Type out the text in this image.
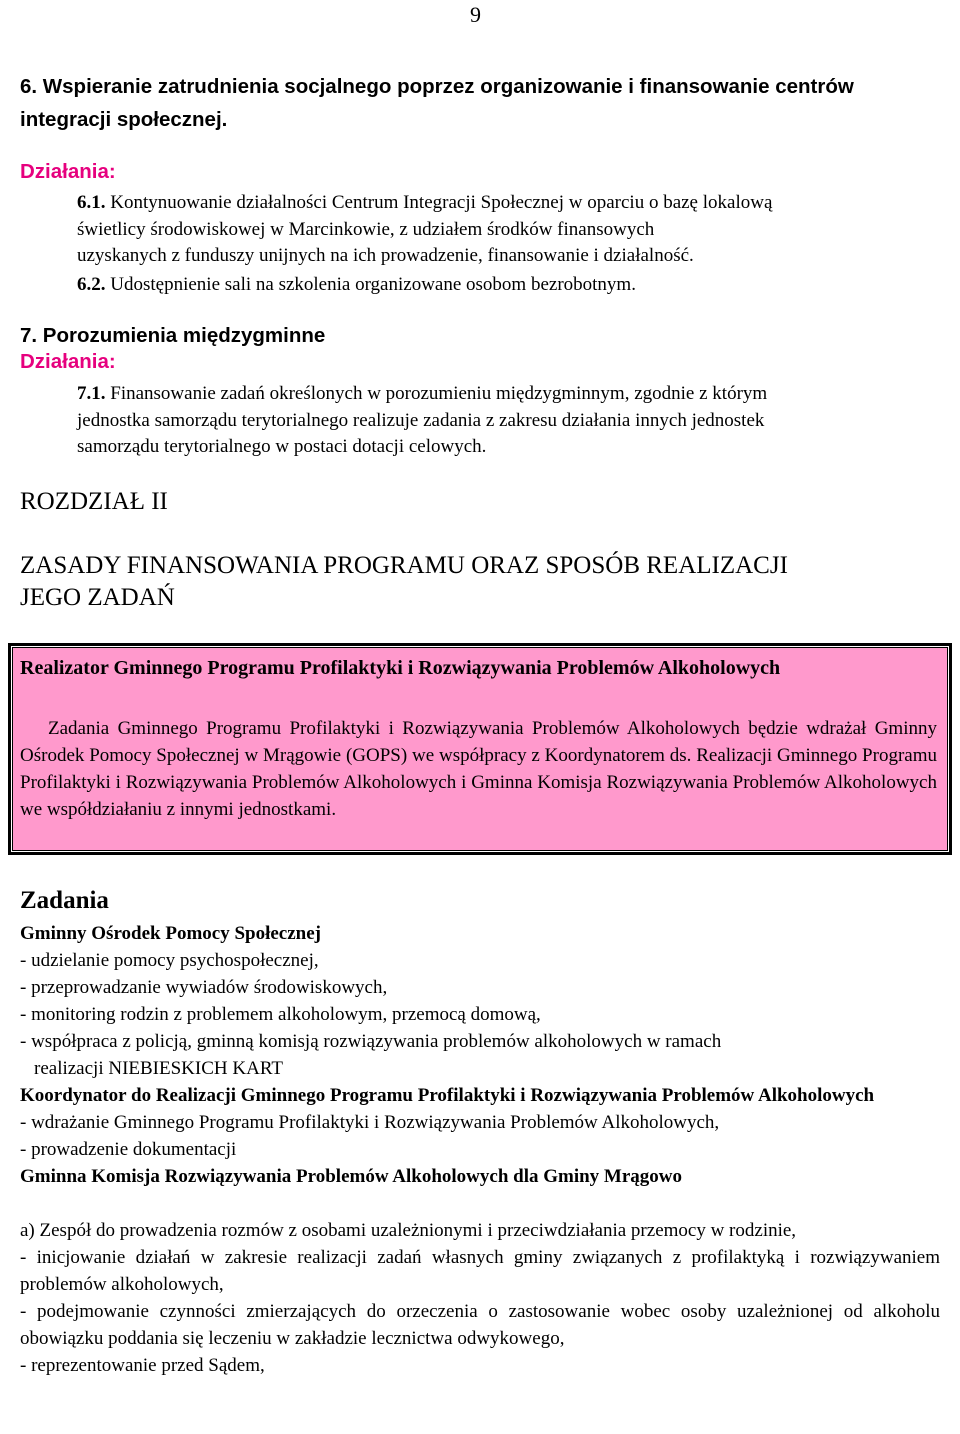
9
6. Wspieranie zatrudnienia socjalnego poprzez organizowanie i finansowanie centrów integracji społecznej.
Działania:
6.1. Kontynuowanie działalności Centrum Integracji Społecznej w oparciu o bazę lokalową
świetlicy środowiskowej w Marcinkowie, z udziałem środków finansowych
uzyskanych z funduszy unijnych na ich prowadzenie, finansowanie i działalność.
6.2. Udostępnienie sali na szkolenia organizowane osobom bezrobotnym.
7. Porozumienia międzygminne
Działania:
7.1. Finansowanie zadań określonych w porozumieniu międzygminnym, zgodnie z którym
jednostka samorządu terytorialnego realizuje zadania z zakresu działania innych jednostek
samorządu terytorialnego w postaci dotacji celowych.
ROZDZIAŁ II
ZASADY FINANSOWANIA PROGRAMU ORAZ SPOSÓB REALIZACJI
JEGO ZADAŃ
Realizator Gminnego Programu Profilaktyki i Rozwiązywania Problemów Alkoholowych
Zadania Gminnego Programu Profilaktyki i Rozwiązywania Problemów Alkoholowych będzie wdrażał Gminny Ośrodek Pomocy Społecznej w Mrągowie (GOPS) we współpracy z Koordynatorem ds. Realizacji Gminnego Programu Profilaktyki i Rozwiązywania Problemów Alkoholowych i Gminna Komisja Rozwiązywania Problemów Alkoholowych we współdziałaniu z innymi jednostkami.
Zadania
Gminny Ośrodek Pomocy Społecznej
- udzielanie pomocy psychospołecznej,
- przeprowadzanie wywiadów środowiskowych,
- monitoring rodzin z problemem alkoholowym, przemocą domową,
- współpraca z policją, gminną komisją rozwiązywania problemów alkoholowych w ramach
realizacji NIEBIESKICH KART
Koordynator do Realizacji Gminnego Programu Profilaktyki i Rozwiązywania Problemów Alkoholowych
- wdrażanie Gminnego Programu Profilaktyki i Rozwiązywania Problemów Alkoholowych,
- prowadzenie dokumentacji
Gminna Komisja Rozwiązywania Problemów Alkoholowych dla Gminy Mrągowo
a) Zespół do prowadzenia rozmów z osobami uzależnionymi i przeciwdziałania przemocy w rodzinie,
- inicjowanie działań w zakresie realizacji zadań własnych gminy związanych z profilaktyką i rozwiązywaniem problemów alkoholowych,
- podejmowanie czynności zmierzających do orzeczenia o zastosowanie wobec osoby uzależnionej od alkoholu obowiązku poddania się leczeniu w zakładzie lecznictwa odwykowego,
- reprezentowanie przed Sądem,
